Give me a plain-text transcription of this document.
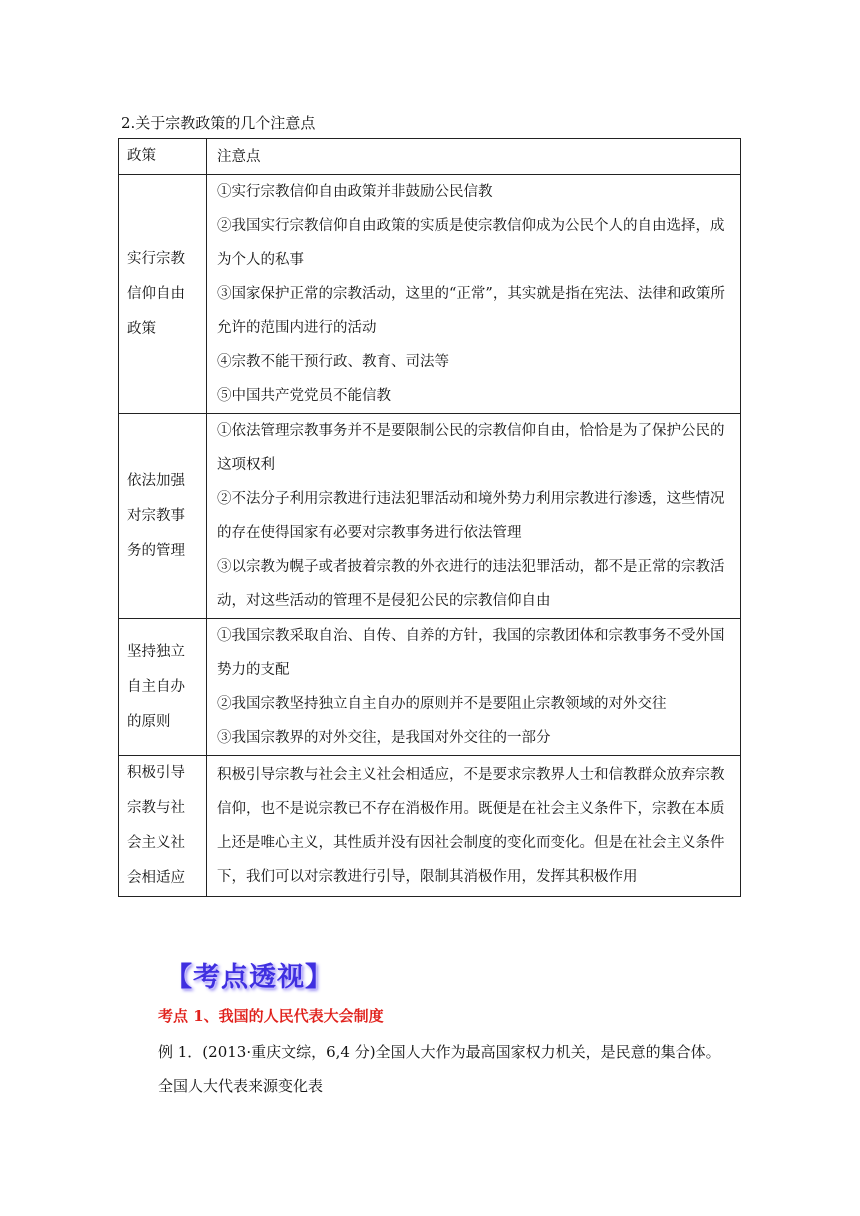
2.关于宗教政策的几个注意点
政策	注意点
实行宗教信仰自由政策	①实行宗教信仰自由政策并非鼓励公民信教
②我国实行宗教信仰自由政策的实质是使宗教信仰成为公民个人的自由选择，成为个人的私事
③国家保护正常的宗教活动，这里的“正常”，其实就是指在宪法、法律和政策所允许的范围内进行的活动
④宗教不能干预行政、教育、司法等
⑤中国共产党党员不能信教

依法加强对宗教事务的管理	①依法管理宗教事务并不是要限制公民的宗教信仰自由，恰恰是为了保护公民的这项权利
②不法分子利用宗教进行违法犯罪活动和境外势力利用宗教进行渗透，这些情况的存在使得国家有必要对宗教事务进行依法管理
③以宗教为幌子或者披着宗教的外衣进行的违法犯罪活动，都不是正常的宗教活动，对这些活动的管理不是侵犯公民的宗教信仰自由

坚持独立自主自办的原则	①我国宗教采取自治、自传、自养的方针，我国的宗教团体和宗教事务不受外国势力的支配
②我国宗教坚持独立自主自办的原则并不是要阻止宗教领域的对外交往
③我国宗教界的对外交往，是我国对外交往的一部分

积极引导宗教与社会主义社会相适应	积极引导宗教与社会主义社会相适应，不是要求宗教界人士和信教群众放弃宗教信仰，也不是说宗教已不存在消极作用。既便是在社会主义条件下，宗教在本质上还是唯心主义，其性质并没有因社会制度的变化而变化。但是在社会主义条件下，我们可以对宗教进行引导，限制其消极作用，发挥其积极作用
【考点透视】
考点 1、我国的人民代表大会制度
例 1．(2013·重庆文综，6,4 分)全国人大作为最高国家权力机关，是民意的集合体。
全国人大代表来源变化表
